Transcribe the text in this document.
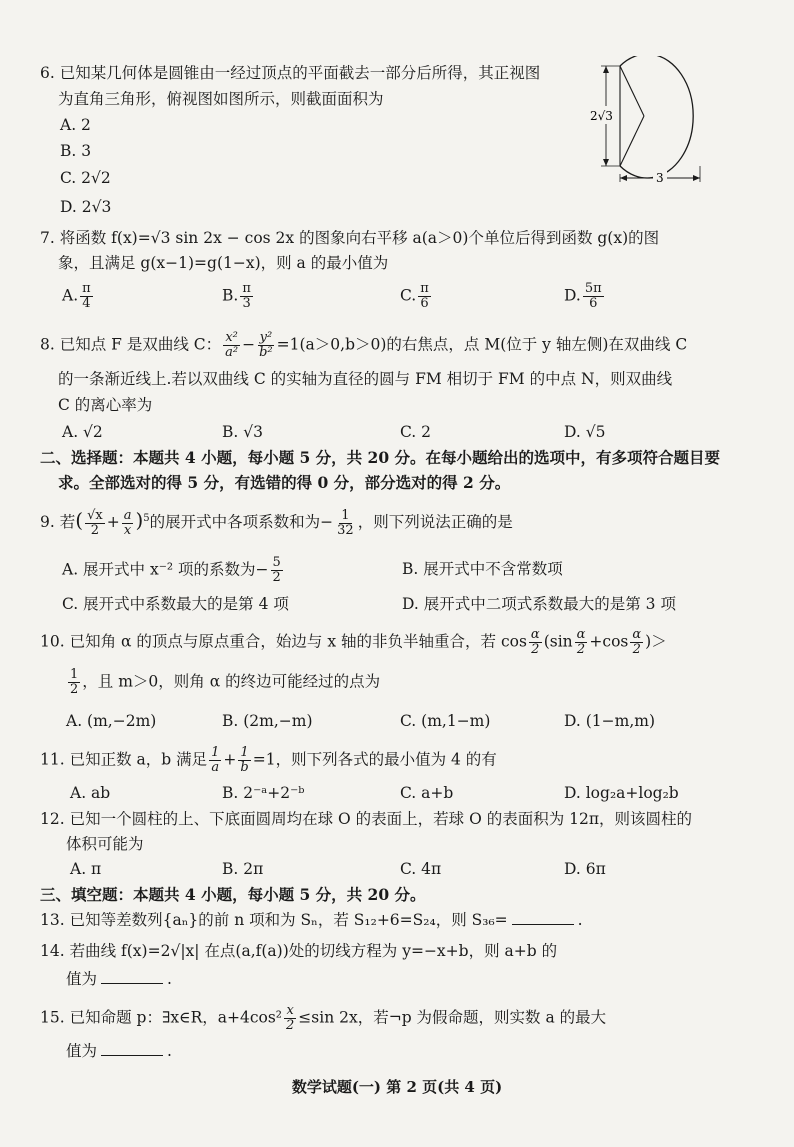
6. 已知某几何体是圆锥由一经过顶点的平面截去一部分后所得，其正视图
为直角三角形，俯视图如图所示，则截面面积为
A. 2
B. 3
C. 2√2
D. 2√3
2√3
3
7. 将函数 f(x)=√3 sin 2x − cos 2x 的图象向右平移 a(a＞0)个单位后得到函数 g(x)的图
象，且满足 g(x−1)=g(1−x)，则 a 的最小值为
A. $\frac{\pi}{4}$	B. $\frac{\pi}{3}$	C. $\frac{\pi}{6}$	D. $\frac{5\pi}{6}$
8. 已知点 F 是双曲线 C： $\frac{\text{x²}}{\text{a²}} - \frac{\text{y²}}{\text{b²}} =1(a>0,b>0)$的右焦点，点 M(位于 y 轴左侧)在双曲线 C
的一条渐近线上.若以双曲线 C 的实轴为直径的圆与 FM 相切于 FM 的中点 N，则双曲线
C 的离心率为
A. √2	B. √3	C. 2	D. √5
二、选择题：本题共 4 小题，每小题 5 分，共 20 分。在每小题给出的选项中，有多项符合题目要
求。全部选对的得 5 分，有选错的得 0 分，部分选对的得 2 分。
9. 若( $\frac{√x}{2} + \frac{a}{x} )^5$的展开式中各项系数和为− $\frac{1}{32}$ ，则下列说法正确的是
A. 展开式中 x⁻² 项的系数为− $\frac{5}{2}$	B. 展开式中不含常数项
C. 展开式中系数最大的是第 4 项	D. 展开式中二项式系数最大的是第 3 项
10. 已知角 α 的顶点与原点重合，始边与 x 轴的非负半轴重合，若 $\cos \frac{\alpha}{2} (\sin \frac{\alpha}{2} +\cos \frac{\alpha}{2}$ )＞
$\frac{1}{2}$ ，且 m＞0，则角 α 的终边可能经过的点为
A. (m,−2m)	B. (2m,−m)	C. (m,1−m)	D. (1−m,m)
11. 已知正数 a，b 满足 $\frac{1}{a} + \frac{1}{b} =1$，则下列各式的最小值为 4 的有
A. ab	B. 2⁻ᵃ+2⁻ᵇ	C. a+b	D. log₂a+log₂b
12. 已知一个圆柱的上、下底面圆周均在球 O 的表面上，若球 O 的表面积为 12π，则该圆柱的
体积可能为
A. π	B. 2π	C. 4π	D. 6π
三、填空题：本题共 4 小题，每小题 5 分，共 20 分。
13. 已知等差数列{aₙ}的前 n 项和为 Sₙ，若 S₁₂+6=S₂₄，则 S₃₆=	.
14. 若曲线 f(x)=2√|x| 在点(a,f(a))处的切线方程为 y=−x+b，则 a+b 的
值为	.
15. 已知命题 p：∃x∈R，$a+4\cos^2 \frac{x}{2} \le\sin$ 2x，若¬p 为假命题，则实数 a 的最大
值为	.
数学试题(一) 第 2 页(共 4 页)
